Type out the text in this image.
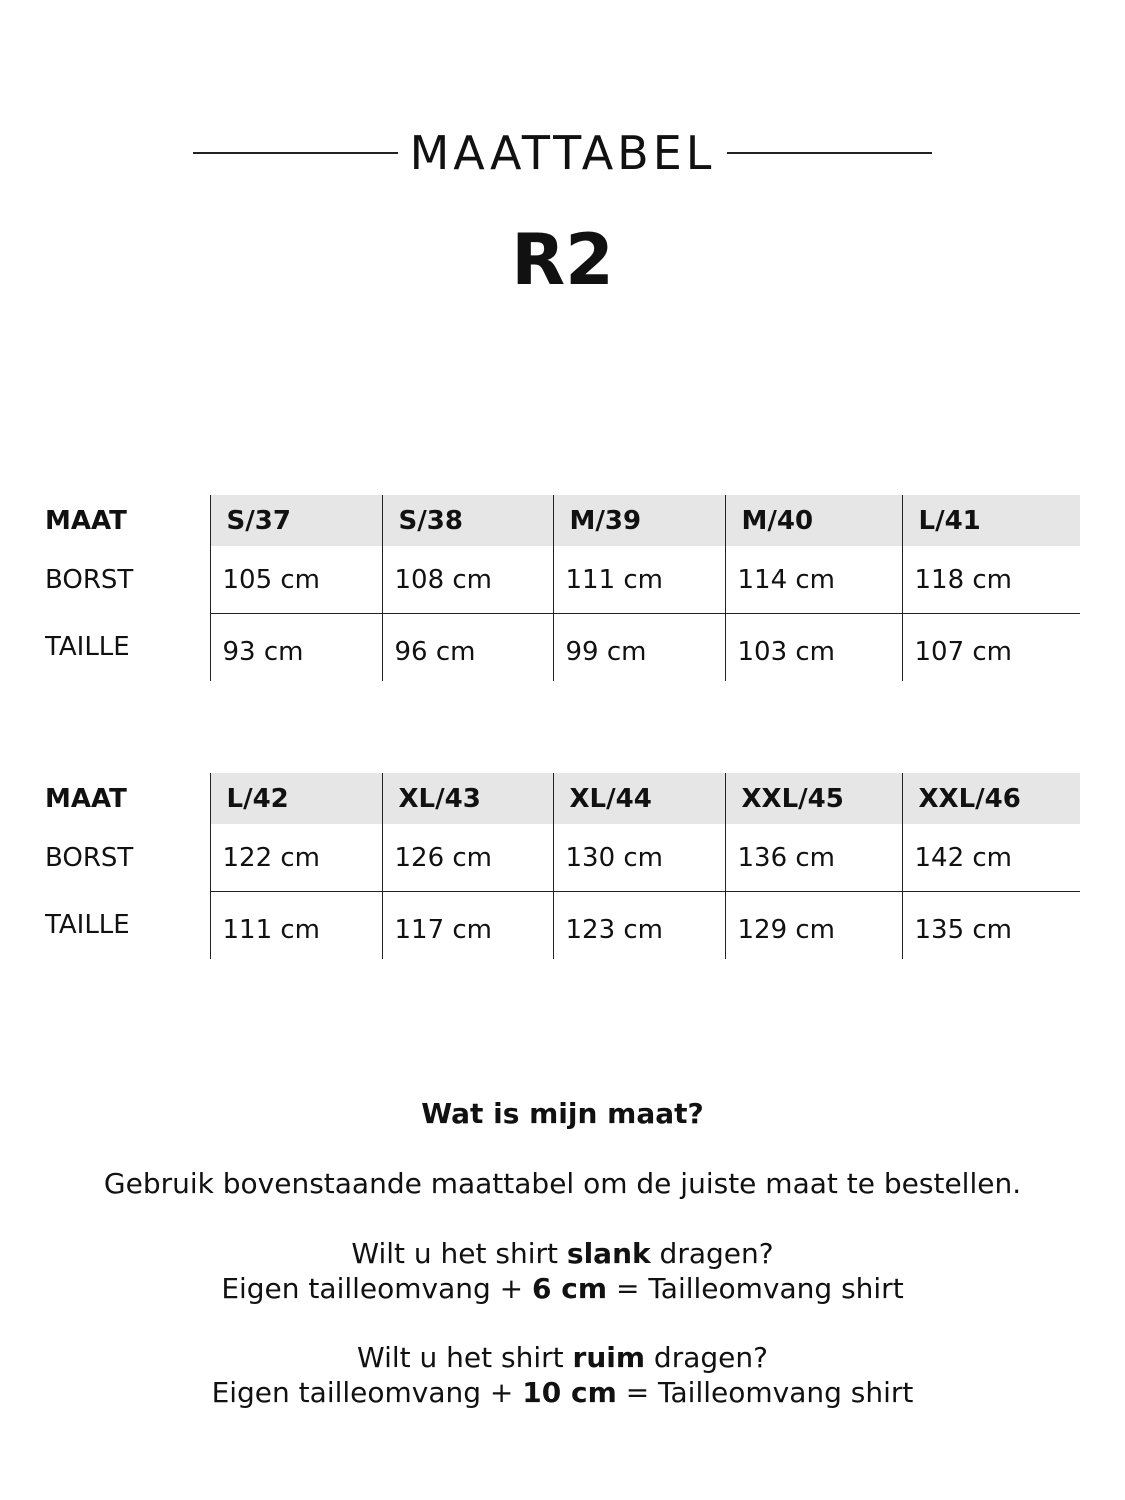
MAATTABEL
R2
MAAT	S/37	S/38	M/39	M/40	L/41
BORST	105 cm	108 cm	111 cm	114 cm	118 cm
TAILLE	93 cm	96 cm	99 cm	103 cm	107 cm
MAAT	L/42	XL/43	XL/44	XXL/45	XXL/46
BORST	122 cm	126 cm	130 cm	136 cm	142 cm
TAILLE	111 cm	117 cm	123 cm	129 cm	135 cm
Wat is mijn maat?
Gebruik bovenstaande maattabel om de juiste maat te bestellen.
Wilt u het shirt slank dragen?
Eigen tailleomvang + 6 cm = Tailleomvang shirt
Wilt u het shirt ruim dragen?
Eigen tailleomvang + 10 cm = Tailleomvang shirt
